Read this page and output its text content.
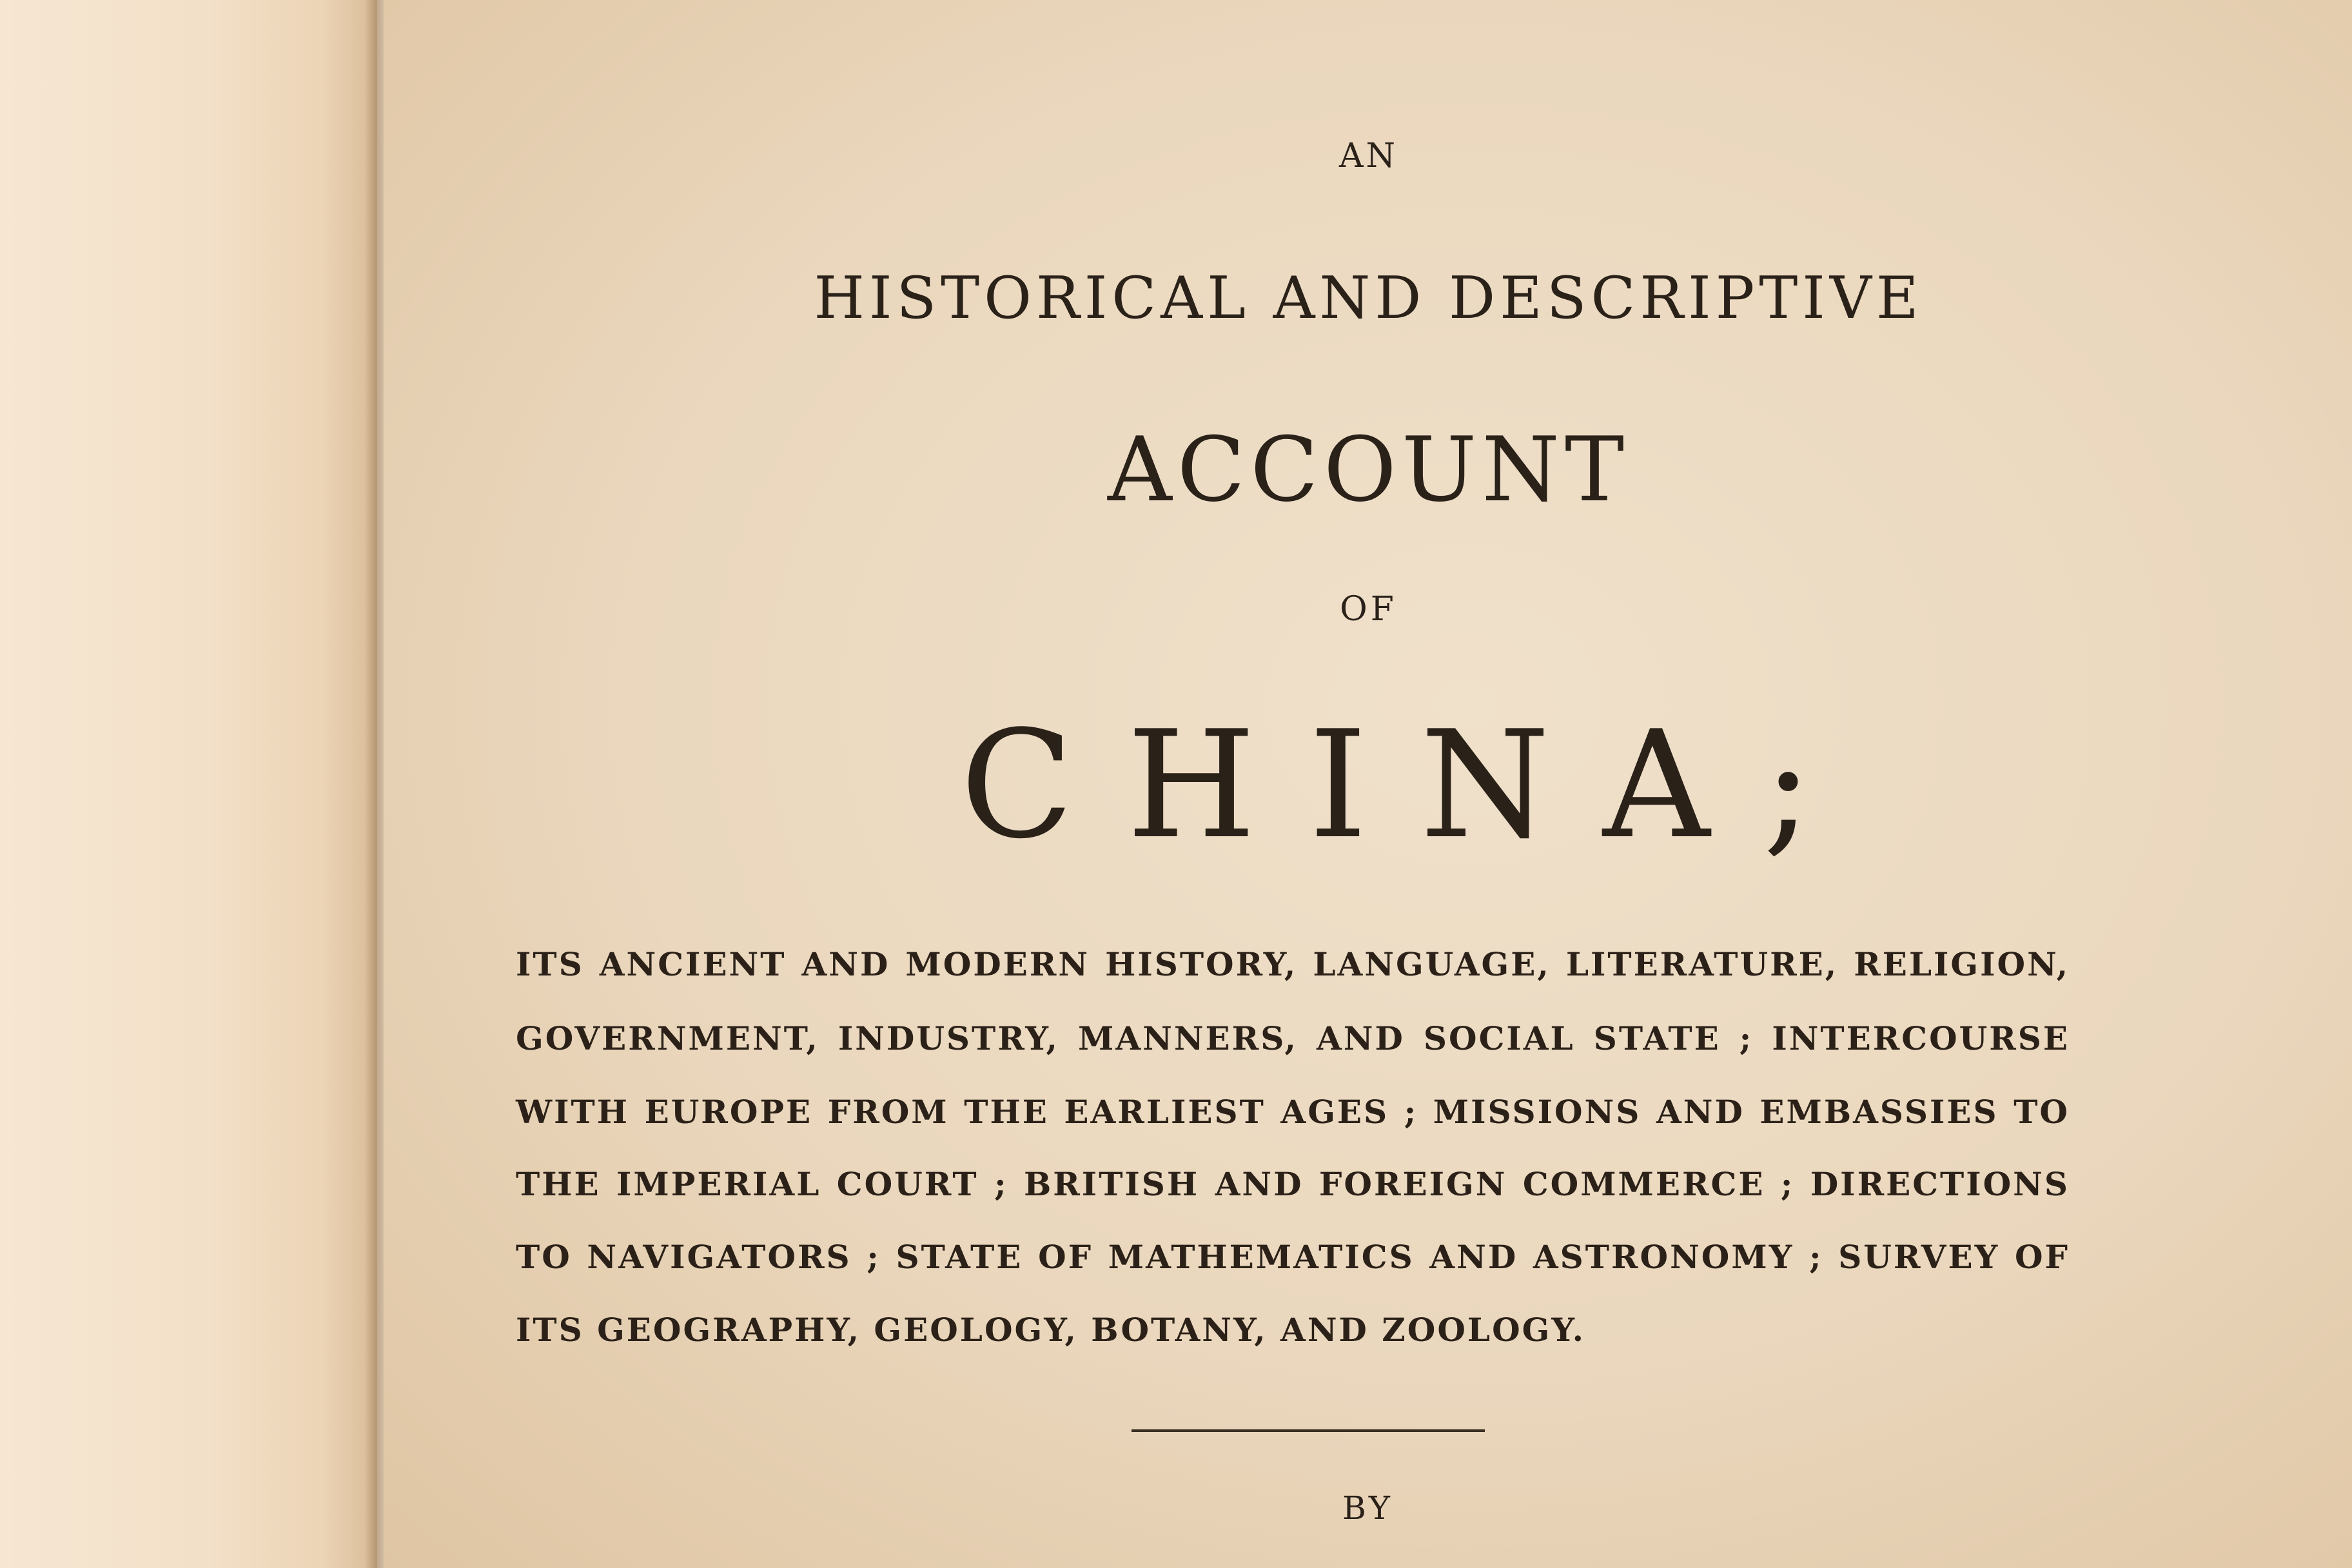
AN
HISTORICAL AND DESCRIPTIVE
ACCOUNT
OF
CHINA;
BY
ITS ANCIENT AND MODERN HISTORY, LANGUAGE, LITERATURE, RELIGION,
GOVERNMENT, INDUSTRY, MANNERS, AND SOCIAL STATE ; INTERCOURSE
WITH EUROPE FROM THE EARLIEST AGES ; MISSIONS AND EMBASSIES TO
THE IMPERIAL COURT ; BRITISH AND FOREIGN COMMERCE ; DIRECTIONS
TO NAVIGATORS ; STATE OF MATHEMATICS AND ASTRONOMY ; SURVEY OF
ITS GEOGRAPHY, GEOLOGY, BOTANY, AND ZOOLOGY.
